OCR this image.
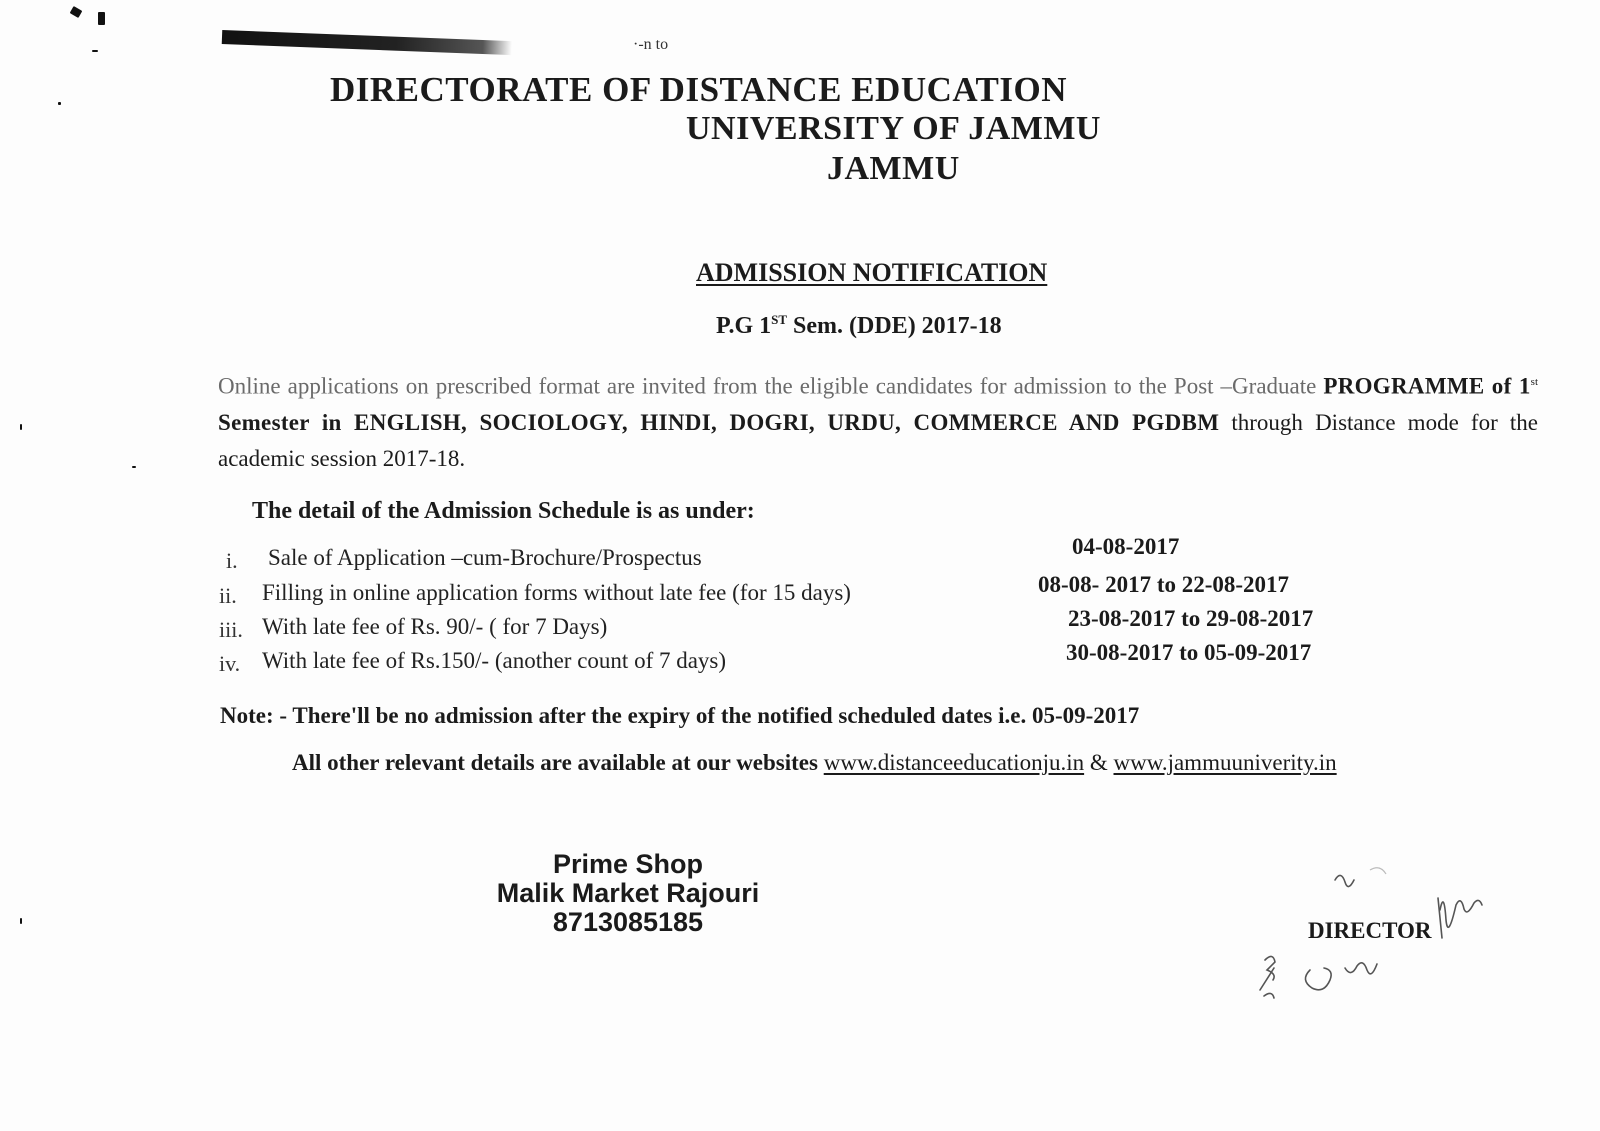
·-n to
DIRECTORATE OF DISTANCE EDUCATION
UNIVERSITY OF JAMMU
JAMMU
ADMISSION NOTIFICATION
P.G 1ST Sem. (DDE) 2017-18
Online applications on prescribed format are invited from the eligible candidates for admission to the Post –Graduate PROGRAMME of 1st Semester in ENGLISH, SOCIOLOGY, HINDI, DOGRI, URDU, COMMERCE AND PGDBM through Distance mode for the academic session 2017-18.
The detail of the Admission Schedule is as under:
i. Sale of Application –cum-Brochure/Prospectus	04-08-2017
ii. Filling in online application forms without late fee (for 15 days)	08-08- 2017 to 22-08-2017
iii. With late fee of Rs. 90/- ( for 7 Days)	23-08-2017 to 29-08-2017
iv. With late fee of Rs.150/- (another count of 7 days)	30-08-2017 to 05-09-2017
Note: - There'll be no admission after the expiry of the notified scheduled dates i.e. 05-09-2017
All other relevant details are available at our websites www.distanceeducationju.in & www.jammuuniverity.in
Prime Shop
Malik Market Rajouri
8713085185	DIRECTOR
